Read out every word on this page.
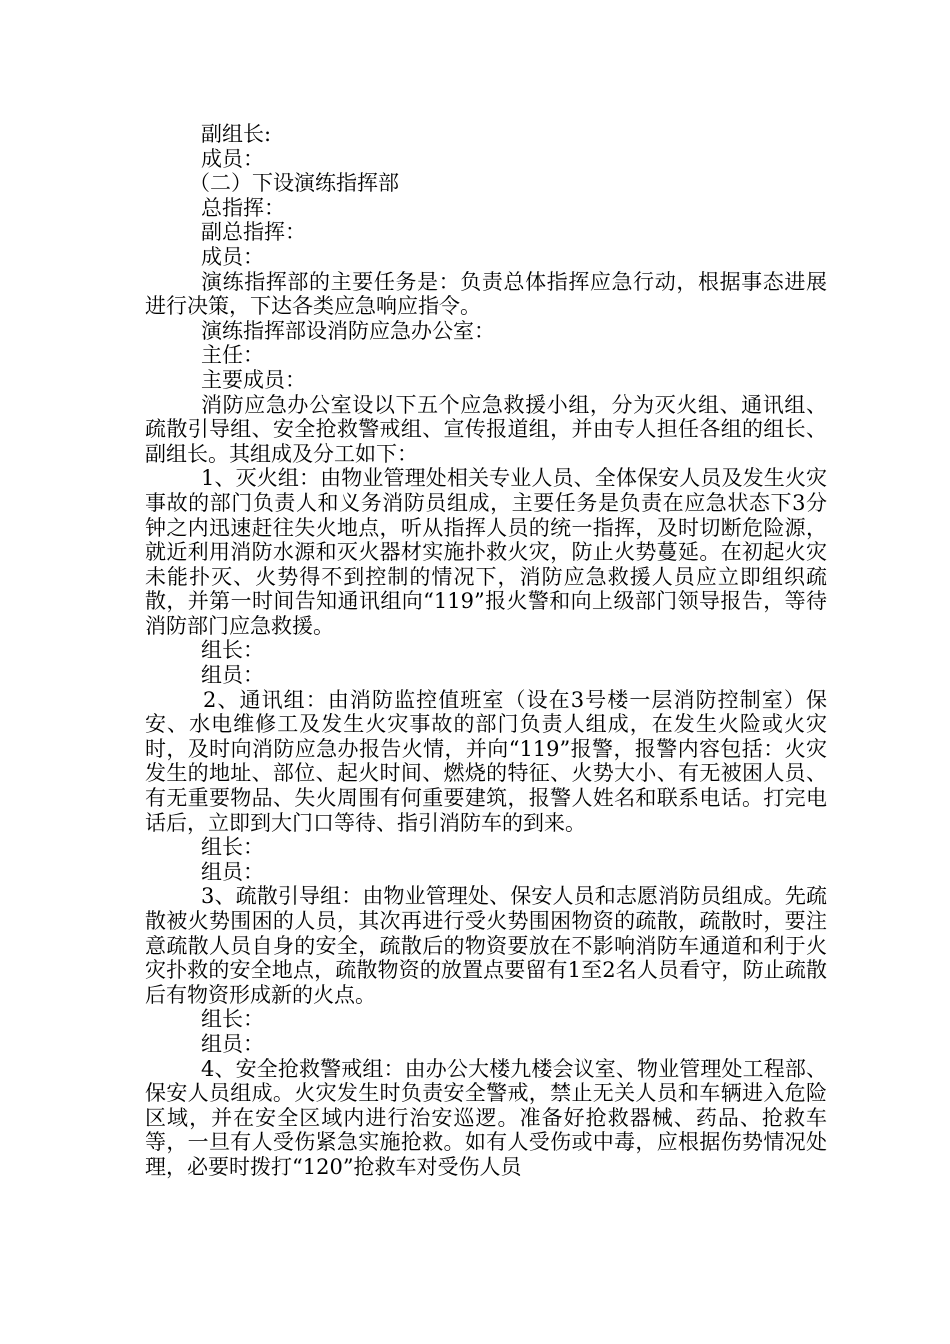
副组长:

成员：

（二）下设演练指挥部

总指挥：

副总指挥：

成员：

演练指挥部的主要任务是：负责总体指挥应急行动，根据事态进展进行决策，下达各类应急响应指令。

演练指挥部设消防应急办公室：

主任：

主要成员：

消防应急办公室设以下五个应急救援小组，分为灭火组、通讯组、疏散引导组、安全抢救警戒组、宣传报道组，并由专人担任各组的组长、副组长。其组成及分工如下：

1、灭火组：由物业管理处相关专业人员、全体保安人员及发生火灾事故的部门负责人和义务消防员组成，主要任务是负责在应急状态下3分钟之内迅速赶往失火地点，听从指挥人员的统一指挥，及时切断危险源，就近利用消防水源和灭火器材实施扑救火灾，防止火势蔓延。在初起火灾未能扑灭、火势得不到控制的情况下，消防应急救援人员应立即组织疏散，并第一时间告知通讯组向“119”报火警和向上级部门领导报告，等待消防部门应急救援。

组长：

组员：

2、通讯组：由消防监控值班室（设在3号楼一层消防控制室）保安、水电维修工及发生火灾事故的部门负责人组成，在发生火险或火灾时，及时向消防应急办报告火情，并向“119”报警，报警内容包括：火灾发生的地址、部位、起火时间、燃烧的特征、火势大小、有无被困人员、有无重要物品、失火周围有何重要建筑，报警人姓名和联系电话。打完电话后，立即到大门口等待、指引消防车的到来。

组长：

组员：

3、疏散引导组：由物业管理处、保安人员和志愿消防员组成。先疏散被火势围困的人员，其次再进行受火势围困物资的疏散，疏散时，要注意疏散人员自身的安全，疏散后的物资要放在不影响消防车通道和利于火灾扑救的安全地点，疏散物资的放置点要留有1至2名人员看守，防止疏散后有物资形成新的火点。

组长：

组员：

4、安全抢救警戒组：由办公大楼九楼会议室、物业管理处工程部、保安人员组成。火灾发生时负责安全警戒，禁止无关人员和车辆进入危险区域，并在安全区域内进行治安巡逻。准备好抢救器械、药品、抢救车等，一旦有人受伤紧急实施抢救。如有人受伤或中毒，应根据伤势情况处理，必要时拨打“120”抢救车对受伤人员
